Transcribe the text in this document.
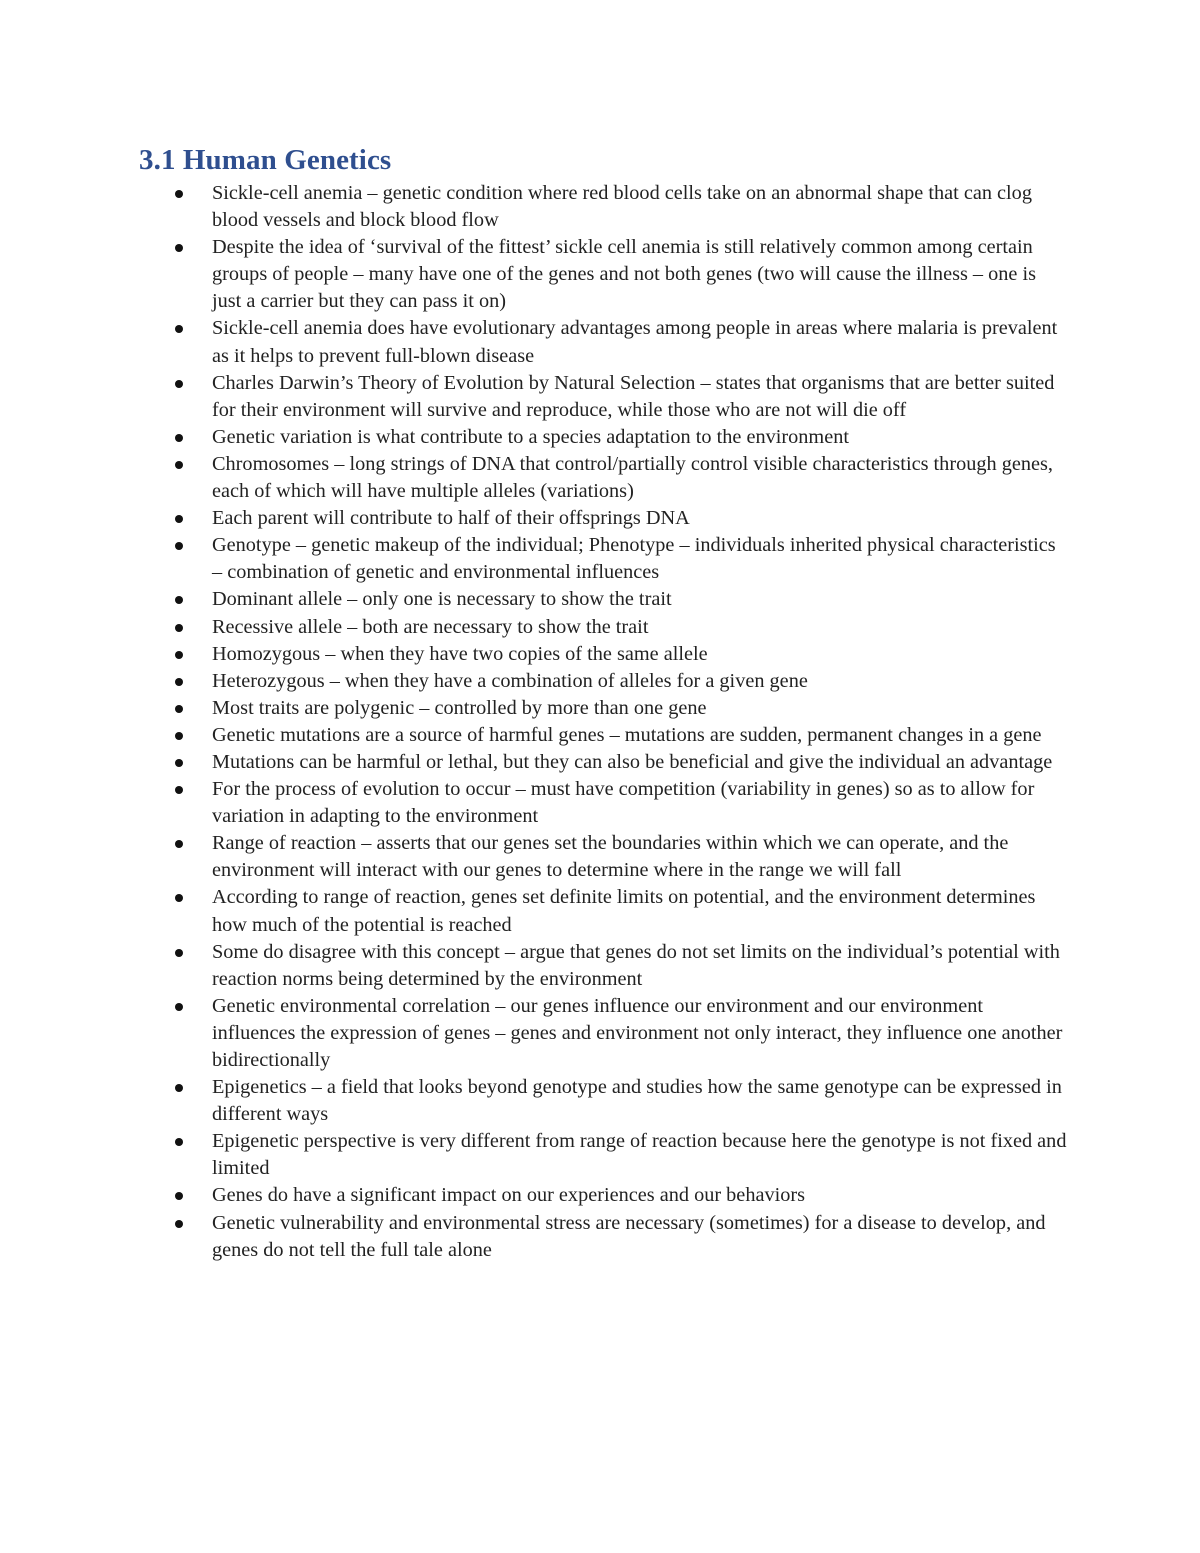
3.1 Human Genetics
Sickle-cell anemia – genetic condition where red blood cells take on an abnormal shape that can clog blood vessels and block blood flow
Despite the idea of ‘survival of the fittest’ sickle cell anemia is still relatively common among certain groups of people – many have one of the genes and not both genes (two will cause the illness – one is just a carrier but they can pass it on)
Sickle-cell anemia does have evolutionary advantages among people in areas where malaria is prevalent as it helps to prevent full-blown disease
Charles Darwin’s Theory of Evolution by Natural Selection – states that organisms that are better suited for their environment will survive and reproduce, while those who are not will die off
Genetic variation is what contribute to a species adaptation to the environment
Chromosomes – long strings of DNA that control/partially control visible characteristics through genes, each of which will have multiple alleles (variations)
Each parent will contribute to half of their offsprings DNA
Genotype – genetic makeup of the individual; Phenotype – individuals inherited physical characteristics – combination of genetic and environmental influences
Dominant allele – only one is necessary to show the trait
Recessive allele – both are necessary to show the trait
Homozygous – when they have two copies of the same allele
Heterozygous – when they have a combination of alleles for a given gene
Most traits are polygenic – controlled by more than one gene
Genetic mutations are a source of harmful genes – mutations are sudden, permanent changes in a gene
Mutations can be harmful or lethal, but they can also be beneficial and give the individual an advantage
For the process of evolution to occur – must have competition (variability in genes) so as to allow for variation in adapting to the environment
Range of reaction – asserts that our genes set the boundaries within which we can operate, and the environment will interact with our genes to determine where in the range we will fall
According to range of reaction, genes set definite limits on potential, and the environment determines how much of the potential is reached
Some do disagree with this concept – argue that genes do not set limits on the individual’s potential with reaction norms being determined by the environment
Genetic environmental correlation – our genes influence our environment and our environment influences the expression of genes – genes and environment not only interact, they influence one another bidirectionally
Epigenetics – a field that looks beyond genotype and studies how the same genotype can be expressed in different ways
Epigenetic perspective is very different from range of reaction because here the genotype is not fixed and limited
Genes do have a significant impact on our experiences and our behaviors
Genetic vulnerability and environmental stress are necessary (sometimes) for a disease to develop, and genes do not tell the full tale alone
